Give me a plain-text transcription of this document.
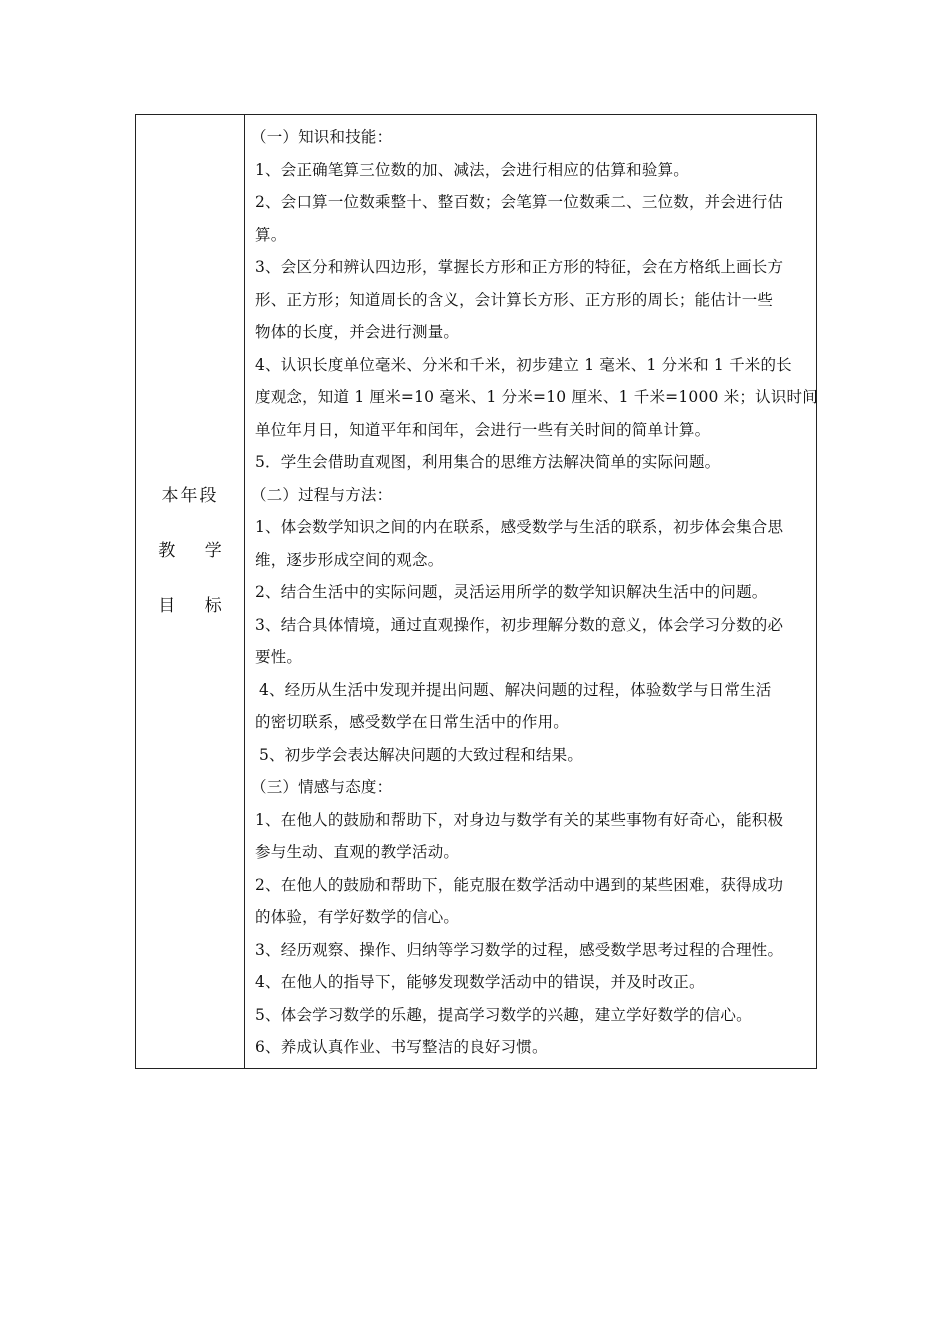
本年段
教 学
目 标

（一）知识和技能：
1、会正确笔算三位数的加、减法，会进行相应的估算和验算。
2、会口算一位数乘整十、整百数；会笔算一位数乘二、三位数，并会进行估
算。
3、会区分和辨认四边形，掌握长方形和正方形的特征，会在方格纸上画长方
形、正方形；知道周长的含义，会计算长方形、正方形的周长；能估计一些
物体的长度，并会进行测量。
4、认识长度单位毫米、分米和千米，初步建立 1 毫米、1 分米和 1 千米的长
度观念，知道 1 厘米=10 毫米、1 分米=10 厘米、1 千米=1000 米；认识时间
单位年月日，知道平年和闰年，会进行一些有关时间的简单计算。
5．学生会借助直观图，利用集合的思维方法解决简单的实际问题。
（二）过程与方法：
1、体会数学知识之间的内在联系，感受数学与生活的联系，初步体会集合思
维，逐步形成空间的观念。
2、结合生活中的实际问题，灵活运用所学的数学知识解决生活中的问题。
3、结合具体情境，通过直观操作，初步理解分数的意义，体会学习分数的必
要性。
4、经历从生活中发现并提出问题、解决问题的过程，体验数学与日常生活
的密切联系，感受数学在日常生活中的作用。
5、初步学会表达解决问题的大致过程和结果。
（三）情感与态度：
1、在他人的鼓励和帮助下，对身边与数学有关的某些事物有好奇心，能积极
参与生动、直观的教学活动。
2、在他人的鼓励和帮助下，能克服在数学活动中遇到的某些困难，获得成功
的体验，有学好数学的信心。
3、经历观察、操作、归纳等学习数学的过程，感受数学思考过程的合理性。
4、在他人的指导下，能够发现数学活动中的错误，并及时改正。
5、体会学习数学的乐趣，提高学习数学的兴趣，建立学好数学的信心。
6、养成认真作业、书写整洁的良好习惯。
